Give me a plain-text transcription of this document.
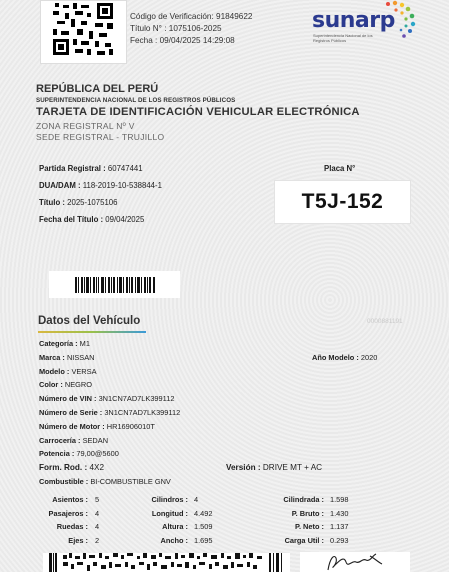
Código de Verificación: 91849622
Título N° : 1075106-2025
Fecha : 09/04/2025 14:29:08
sunarp
Superintendencia Nacional de los Registros Públicos
REPÚBLICA DEL PERÚ
SUPERINTENDENCIA NACIONAL DE LOS REGISTROS PÚBLICOS
TARJETA DE IDENTIFICACIÓN VEHICULAR ELECTRÓNICA
ZONA REGISTRAL Nº V
SEDE REGISTRAL - TRUJILLO
Partida Registral : 60747441
DUA/DAM : 118-2019-10-538844-1
Título : 2025-1075106
Fecha del Título : 09/04/2025
Placa N°
T5J-152
Datos del Vehículo	0000881191
Categoría : M1
Marca : NISSAN
Modelo : VERSA
Color : NEGRO
Número de VIN : 3N1CN7AD7LK399112
Número de Serie : 3N1CN7AD7LK399112
Número de Motor : HR16906010T
Carrocería : SEDAN
Potencia : 79,00@5600
Form. Rod. : 4X2
Combustible : BI-COMBUSTIBLE GNV
Año Modelo : 2020
Versión : DRIVE MT + AC
Asientos : 5
Pasajeros : 4
Ruedas : 4
Ejes : 2
Cilindros : 4
Longitud : 4.492
Altura : 1.509
Ancho : 1.695
Cilindrada : 1.598
P. Bruto : 1.430
P. Neto : 1.137
Carga Util : 0.293
